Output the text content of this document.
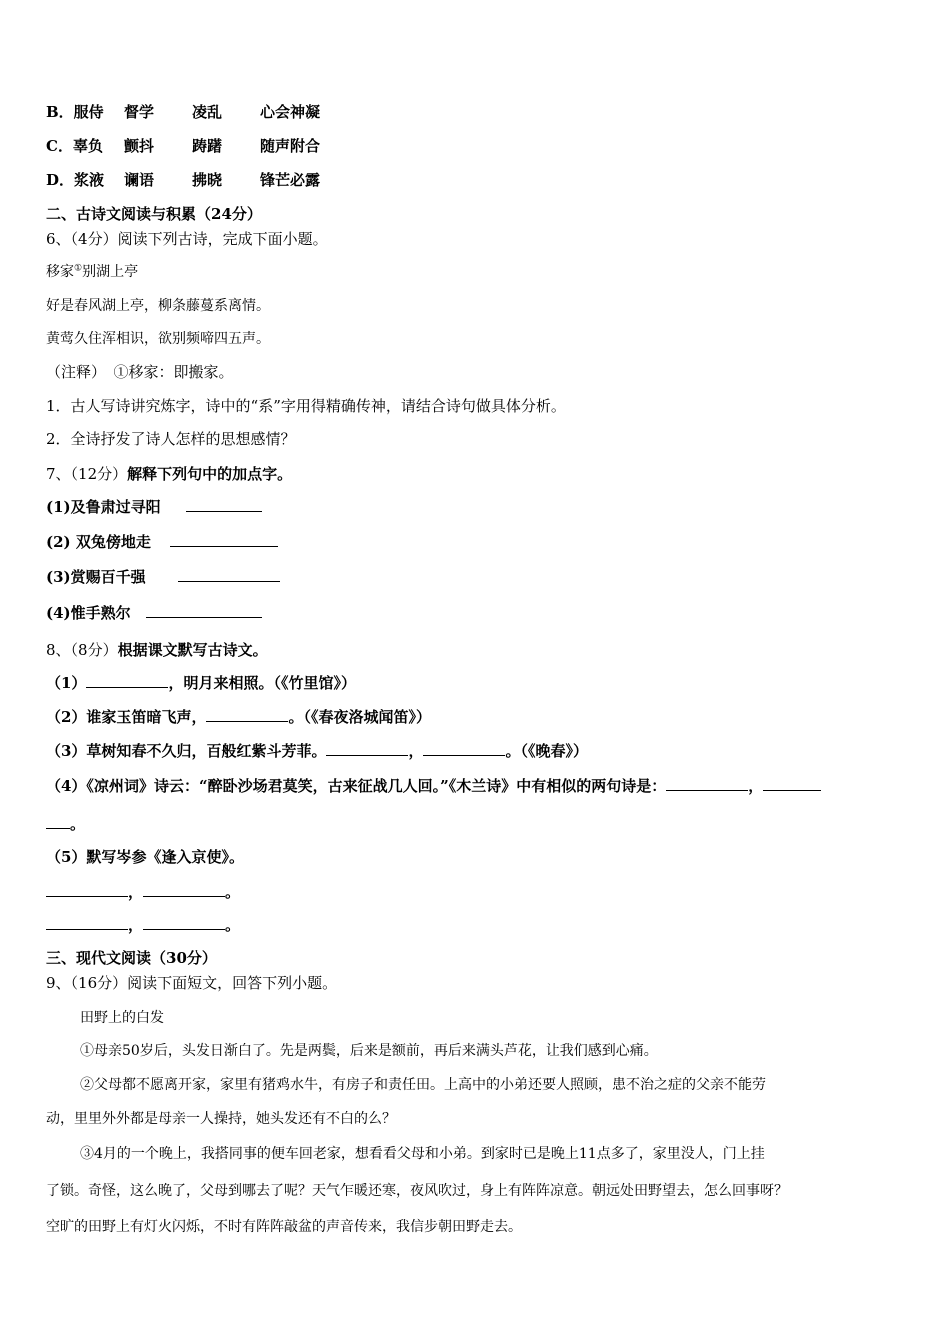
B．服侍 督学	凌乱	心会神凝
C．辜负 颤抖	踌躇	随声附合
D．浆液 谰语	拂晓	锋芒必露
二、古诗文阅读与积累（24分）
6、（4分）阅读下列古诗，完成下面小题。
移家①别湖上亭
好是春风湖上亭，柳条藤蔓系离情。
黄莺久住浑相识，欲别频啼四五声。
（注释）　①移家：即搬家。
1．古人写诗讲究炼字，诗中的“系”字用得精确传神，请结合诗句做具体分析。
2．全诗抒发了诗人怎样的思想感情？
7、（12分）解释下列句中的加点字。
(1)及鲁肃过寻阳
(2) 双兔傍地走
(3)赏赐百千强
(4)惟手熟尔
8、（8分）根据课文默写古诗文。
（1）	，明月来相照。（《竹里馆》）
（2）谁家玉笛暗飞声，	。（《春夜洛城闻笛》）
（3）草树知春不久归，百般红紫斗芳菲。	，	。（《晚春》）
（4）《凉州词》诗云：“醉卧沙场君莫笑，古来征战几人回。”《木兰诗》中有相似的两句诗是：	，
。
（5）默写岑参《逢入京使》。
，	。
，	。
三、现代文阅读（30分）
9、（16分）阅读下面短文，回答下列小题。
田野上的白发
①母亲50岁后，头发日渐白了。先是两鬓，后来是额前，再后来满头芦花，让我们感到心痛。
②父母都不愿离开家，家里有猪鸡水牛，有房子和责任田。上高中的小弟还要人照顾，患不治之症的父亲不能劳
动，里里外外都是母亲一人操持，她头发还有不白的么？
③4月的一个晚上，我搭同事的便车回老家，想看看父母和小弟。到家时已是晚上11点多了，家里没人，门上挂
了锁。奇怪，这么晚了，父母到哪去了呢？天气乍暖还寒，夜风吹过，身上有阵阵凉意。朝远处田野望去，怎么回事呀？
空旷的田野上有灯火闪烁，不时有阵阵敲盆的声音传来，我信步朝田野走去。
